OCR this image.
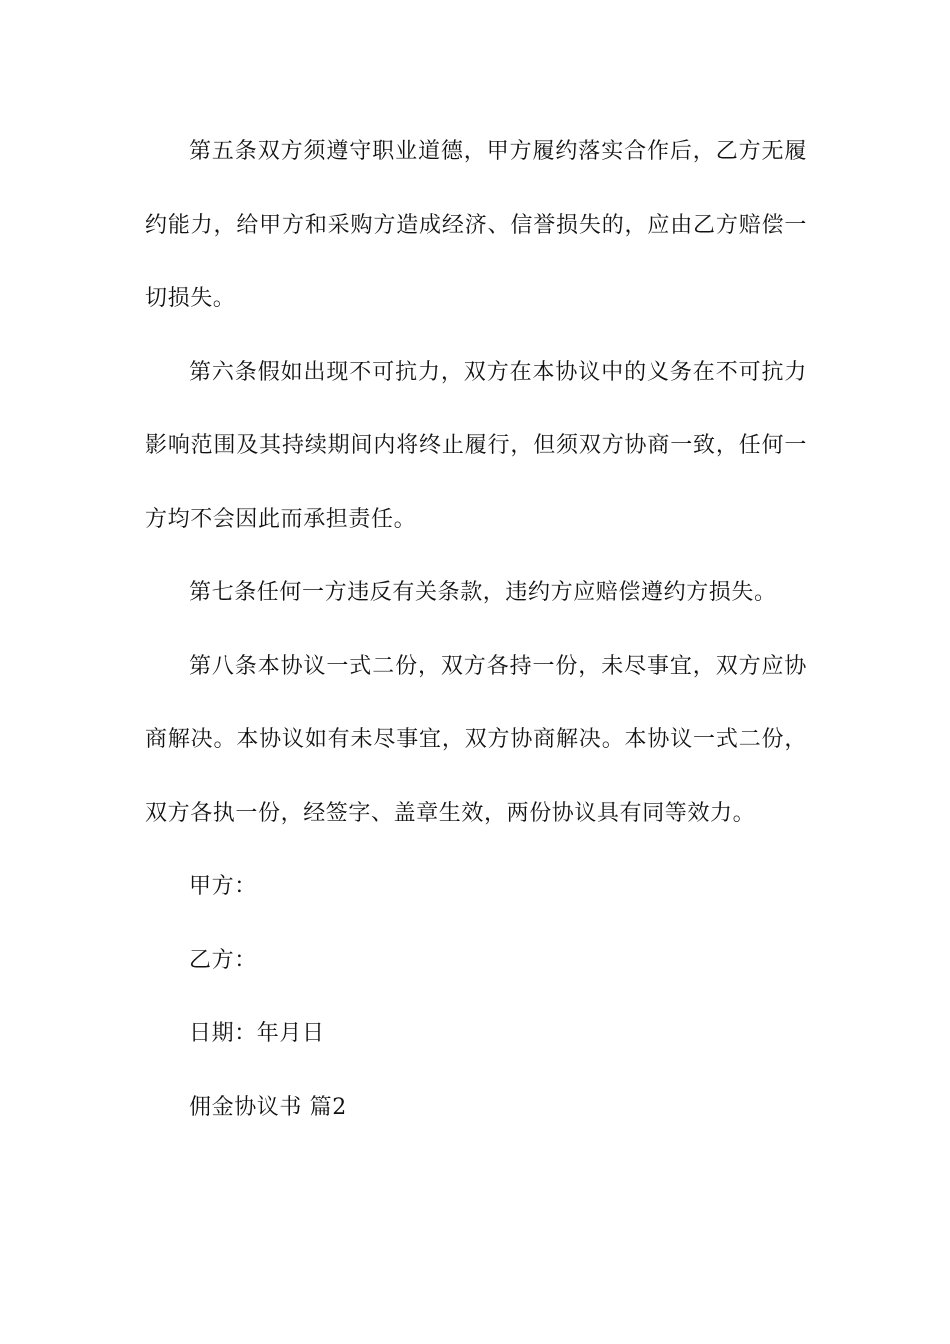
第五条双方须遵守职业道德，甲方履约落实合作后，乙方无履
约能力，给甲方和采购方造成经济、信誉损失的，应由乙方赔偿一
切损失。
第六条假如出现不可抗力，双方在本协议中的义务在不可抗力
影响范围及其持续期间内将终止履行，但须双方协商一致，任何一
方均不会因此而承担责任。
第七条任何一方违反有关条款，违约方应赔偿遵约方损失。
第八条本协议一式二份，双方各持一份，未尽事宜，双方应协
商解决。本协议如有未尽事宜，双方协商解决。本协议一式二份，
双方各执一份，经签字、盖章生效，两份协议具有同等效力。
甲方：
乙方：
日期：年月日
佣金协议书 篇2
